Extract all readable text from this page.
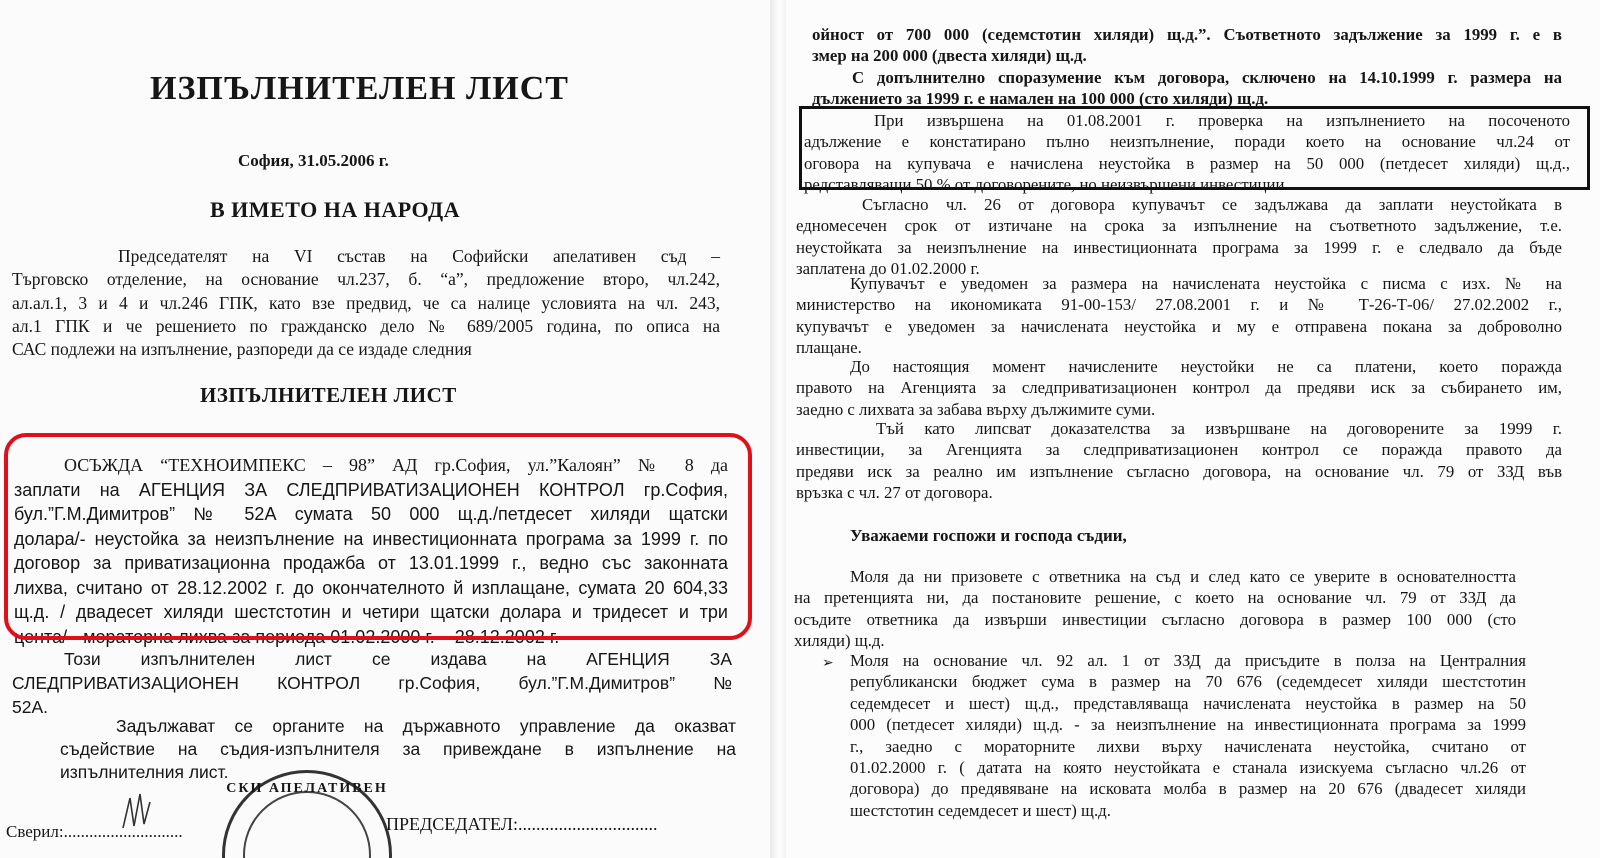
ИЗПЪЛНИТЕЛЕН ЛИСТ
София, 31.05.2006 г.
В ИМЕТО НА НАРОДА
Председателят на VI състав на Софийски апелативен съд –
Търговско отделение, на основание чл.237, б. “а”, предложение второ, чл.242,
ал.ал.1, 3 и 4 и чл.246 ГПК, като взе предвид, че са налице условията на чл. 243,
ал.1 ГПК и че решението по гражданско дело № 689/2005 година, по описа на
САС подлежи на изпълнение, разпореди да се издаде следния
ИЗПЪЛНИТЕЛЕН ЛИСТ
ОСЪЖДА “ТЕХНОИМПЕКС – 98” АД гр.София, ул.”Калоян” № 8 да
заплати на АГЕНЦИЯ ЗА СЛЕДПРИВАТИЗАЦИОНЕН КОНТРОЛ гр.София,
бул.”Г.М.Димитров” № 52А сумата 50 000 щ.д./петдесет хиляди щатски
долара/- неустойка за неизпълнение на инвестиционната програма за 1999 г. по
договор за приватизационна продажба от 13.01.1999 г., ведно със законната
лихва, считано от 28.12.2002 г. до окончателното й изплащане, сумата 20 604,33
щ.д. / двадесет хиляди шестстотин и четири щатски долара и тридесет и три
цента/ - мораторна лихва за периода 01.02.2000 г. – 28.12.2002 г.
Този изпълнителен лист се издава на АГЕНЦИЯ ЗА
СЛЕДПРИВАТИЗАЦИОНЕН КОНТРОЛ гр.София, бул.”Г.М.Димитров” №
52А.
Задължават се органите на държавното управление да оказват
съдействие на съдия-изпълнителя за привеждане в изпълнение на
изпълнителния лист.
СКИ АПЕЛАТИВЕН
Сверил:............................	ПРЕДСЕДАТЕЛ:...............................
ойност от 700 000 (седемстотин хиляди) щ.д.”. Съответното задължение за 1999 г. е в
змер на 200 000 (двеста хиляди) щ.д.
С допълнително споразумение към договора, сключено на 14.10.1999 г. размера на
дължението за 1999 г. е намален на 100 000 (сто хиляди) щ.д.
При извършена на 01.08.2001 г. проверка на изпълнението на посоченото
адължение е констатирано пълно неизпълнение, поради което на основание чл.24 от
оговора на купувача е начислена неустойка в размер на 50 000 (петдесет хиляди) щ.д.,
редставляващи 50 % от договорените, но неизвършени инвестиции.
Съгласно чл. 26 от договора купувачът се задължава да заплати неустойката в
едномесечен срок от изтичане на срока за изпълнение на съответното задължение, т.е.
неустойката за неизпълнение на инвестиционната програма за 1999 г. е следвало да бъде
заплатена до 01.02.2000 г.
Купувачът е уведомен за размера на начислената неустойка с писма с изх. № на
министерство на икономиката 91-00-153/ 27.08.2001 г. и № Т-26-Т-06/ 27.02.2002 г.,
купувачът е уведомен за начислената неустойка и му е отправена покана за доброволно
плащане.
До настоящия момент начислените неустойки не са платени, което поражда
правото на Агенцията за следприватизационен контрол да предяви иск за събирането им,
заедно с лихвата за забава върху дължимите суми.
Тъй като липсват доказателства за извършване на договорените за 1999 г.
инвестиции, за Агенцията за следприватизационен контрол се поражда правото да
предяви иск за реално им изпълнение съгласно договора, на основание чл. 79 от ЗЗД във
връзка с чл. 27 от договора.
Уважаеми госпожи и господа съдии,
Моля да ни призовете с ответника на съд и след като се уверите в основателността
на претенцията ни, да постановите решение, с което на основание чл. 79 от ЗЗД да
осъдите ответника да извърши инвестиции съгласно договора в размер 100 000 (сто
хиляди) щ.д.
➢ Моля на основание чл. 92 ал. 1 от ЗЗД да присъдите в полза на Централния
републикански бюджет сума в размер на 70 676 (седемдесет хиляди шестстотин
седемдесет и шест) щ.д., представляваща начислената неустойка в размер на 50
000 (петдесет хиляди) щ.д. - за неизпълнение на инвестиционната програма за 1999
г., заедно с мораторните лихви върху начислената неустойка, считано от
01.02.2000 г. ( датата на която неустойката е станала изискуема съгласно чл.26 от
договора) до предявяване на исковата молба в размер на 20 676 (двадесет хиляди
шестстотин седемдесет и шест) щ.д.
